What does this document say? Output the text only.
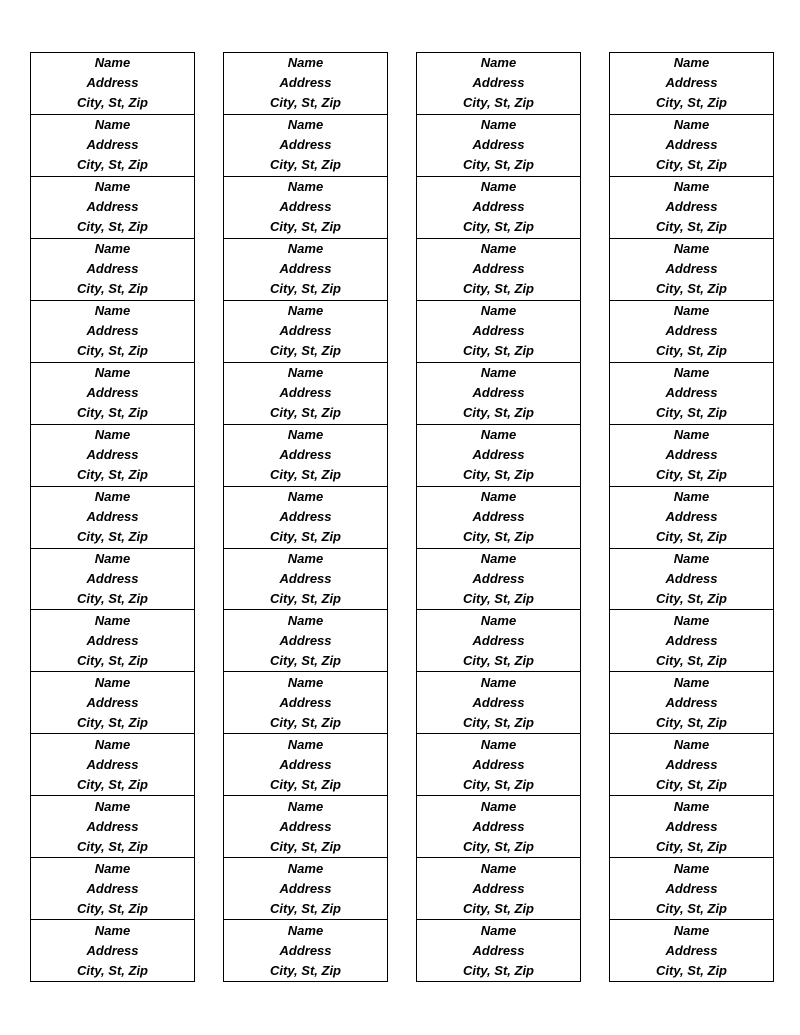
Name
Address
City, St, Zip
Name
Address
City, St, Zip
Name
Address
City, St, Zip
Name
Address
City, St, Zip
Name
Address
City, St, Zip
Name
Address
City, St, Zip
Name
Address
City, St, Zip
Name
Address
City, St, Zip
Name
Address
City, St, Zip
Name
Address
City, St, Zip
Name
Address
City, St, Zip
Name
Address
City, St, Zip
Name
Address
City, St, Zip
Name
Address
City, St, Zip
Name
Address
City, St, Zip
Name
Address
City, St, Zip
Name
Address
City, St, Zip
Name
Address
City, St, Zip
Name
Address
City, St, Zip
Name
Address
City, St, Zip
Name
Address
City, St, Zip
Name
Address
City, St, Zip
Name
Address
City, St, Zip
Name
Address
City, St, Zip
Name
Address
City, St, Zip
Name
Address
City, St, Zip
Name
Address
City, St, Zip
Name
Address
City, St, Zip
Name
Address
City, St, Zip
Name
Address
City, St, Zip
Name
Address
City, St, Zip
Name
Address
City, St, Zip
Name
Address
City, St, Zip
Name
Address
City, St, Zip
Name
Address
City, St, Zip
Name
Address
City, St, Zip
Name
Address
City, St, Zip
Name
Address
City, St, Zip
Name
Address
City, St, Zip
Name
Address
City, St, Zip
Name
Address
City, St, Zip
Name
Address
City, St, Zip
Name
Address
City, St, Zip
Name
Address
City, St, Zip
Name
Address
City, St, Zip
Name
Address
City, St, Zip
Name
Address
City, St, Zip
Name
Address
City, St, Zip
Name
Address
City, St, Zip
Name
Address
City, St, Zip
Name
Address
City, St, Zip
Name
Address
City, St, Zip
Name
Address
City, St, Zip
Name
Address
City, St, Zip
Name
Address
City, St, Zip
Name
Address
City, St, Zip
Name
Address
City, St, Zip
Name
Address
City, St, Zip
Name
Address
City, St, Zip
Name
Address
City, St, Zip
